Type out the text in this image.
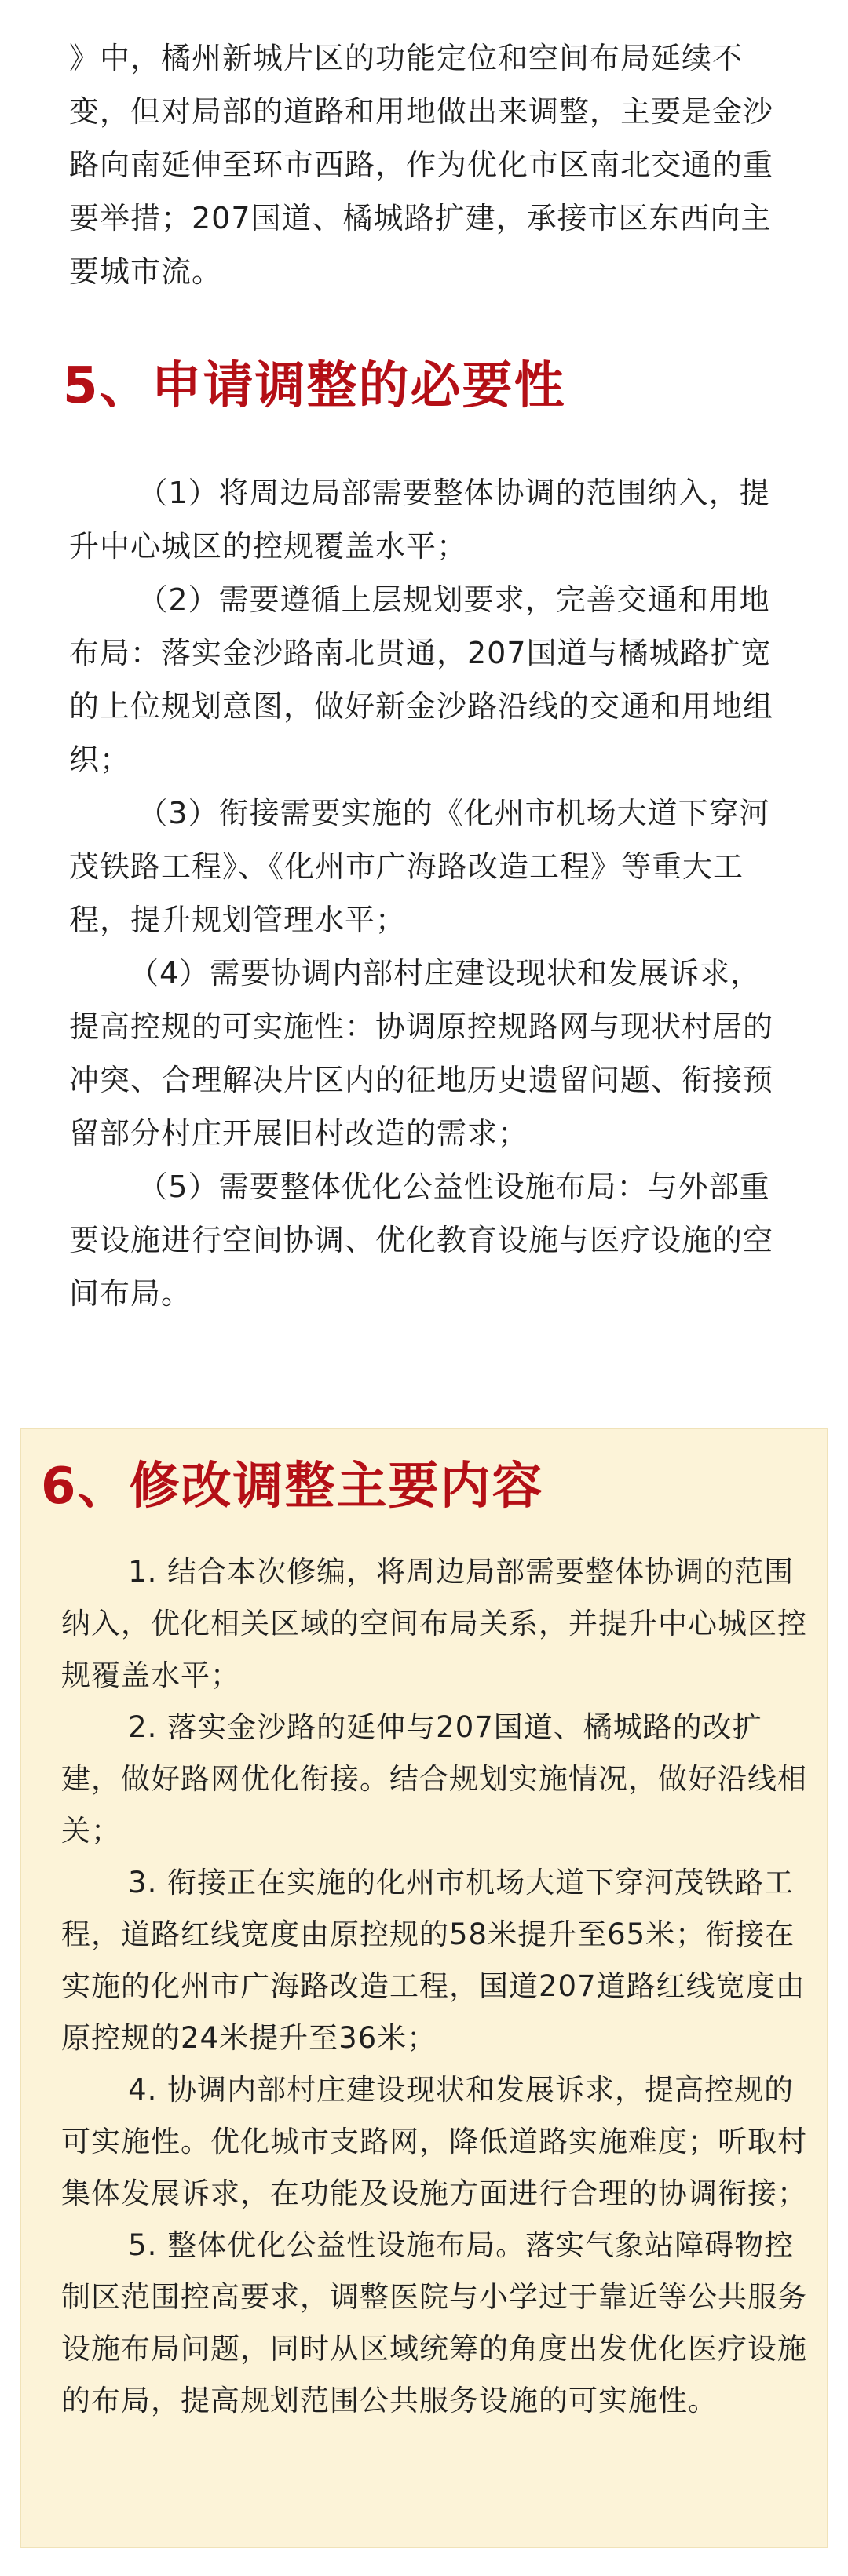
》中，橘州新城片区的功能定位和空间布局延续不变，但对局部的道路和用地做出来调整，主要是金沙路向南延伸至环市西路，作为优化市区南北交通的重要举措；207国道、橘城路扩建，承接市区东西向主要城市流。

5、申请调整的必要性

（1）将周边局部需要整体协调的范围纳入，提升中心城区的控规覆盖水平；

（2）需要遵循上层规划要求，完善交通和用地布局：落实金沙路南北贯通，207国道与橘城路扩宽的上位规划意图，做好新金沙路沿线的交通和用地组织；

（3）衔接需要实施的《化州市机场大道下穿河茂铁路工程》、《化州市广海路改造工程》等重大工程，提升规划管理水平；

（4）需要协调内部村庄建设现状和发展诉求，提高控规的可实施性：协调原控规路网与现状村居的冲突、合理解决片区内的征地历史遗留问题、衔接预留部分村庄开展旧村改造的需求；

（5）需要整体优化公益性设施布局：与外部重要设施进行空间协调、优化教育设施与医疗设施的空间布局。

6、修改调整主要内容

1. 结合本次修编，将周边局部需要整体协调的范围纳入，优化相关区域的空间布局关系，并提升中心城区控规覆盖水平；

2. 落实金沙路的延伸与207国道、橘城路的改扩建，做好路网优化衔接。结合规划实施情况，做好沿线相关；

3. 衔接正在实施的化州市机场大道下穿河茂铁路工程，道路红线宽度由原控规的58米提升至65米；衔接在实施的化州市广海路改造工程，国道207道路红线宽度由原控规的24米提升至36米；

4. 协调内部村庄建设现状和发展诉求，提高控规的可实施性。优化城市支路网，降低道路实施难度；听取村集体发展诉求，在功能及设施方面进行合理的协调衔接；

5. 整体优化公益性设施布局。落实气象站障碍物控制区范围控高要求，调整医院与小学过于靠近等公共服务设施布局问题，同时从区域统筹的角度出发优化医疗设施的布局，提高规划范围公共服务设施的可实施性。
